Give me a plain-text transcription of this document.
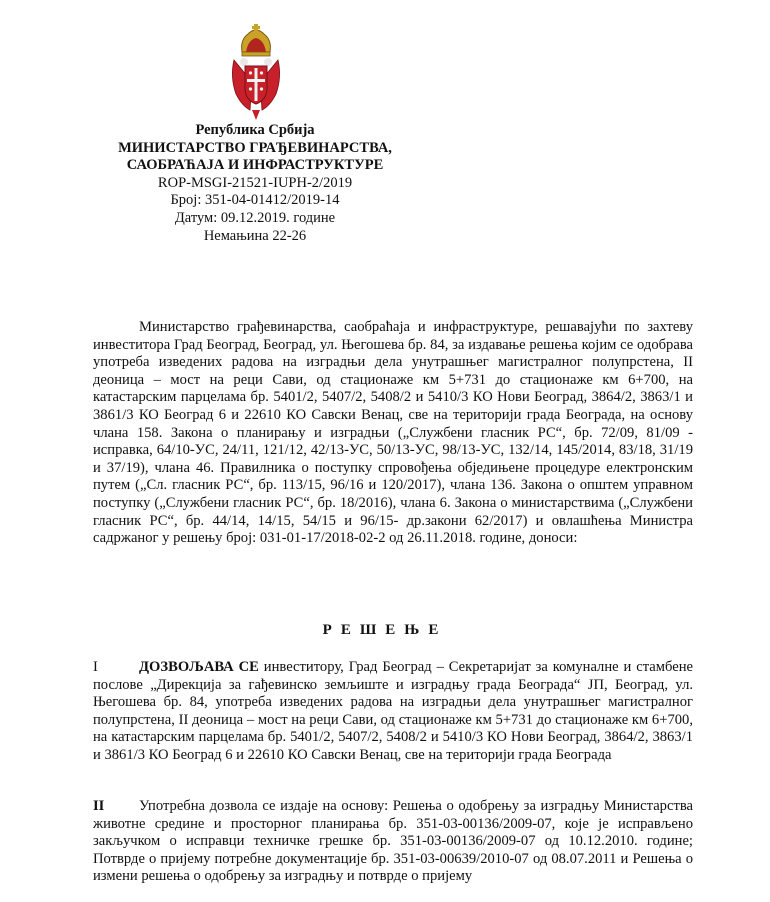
Република Србија
МИНИСТАРСТВО ГРАЂЕВИНАРСТВА,
САОБРАЋАЈА И ИНФРАСТРУКТУРЕ
ROP-MSGI-21521-IUPH-2/2019
Број: 351-04-01412/2019-14
Датум: 09.12.2019. године
Немањина 22-26
Министарство грађевинарства, саобраћаја и инфраструктуре, решавајући по захтеву инвеститора Град Београд, Београд, ул. Његошева бр. 84, за издавање решења којим се одобрава употреба изведених радова на изградњи дела унутрашњег магистралног полупрстена, II деоница – мост на реци Сави, од стационаже км 5+731 до стационаже км 6+700, на катастарским парцелама бр. 5401/2, 5407/2, 5408/2 и 5410/3 КО Нови Београд, 3864/2, 3863/1 и 3861/3 КО Београд 6 и 22610 КО Савски Венац, све на територији града Београда, на основу члана 158. Закона о планирању и изградњи („Службени гласник РС“, бр. 72/09, 81/09 - исправка, 64/10-УС, 24/11, 121/12, 42/13-УС, 50/13-УС, 98/13-УС, 132/14, 145/2014, 83/18, 31/19 и 37/19), члана 46. Правилника о поступку спровођења обједињене процедуре електронским путем („Сл. гласник РС“, бр. 113/15, 96/16 и 120/2017), члана 136. Закона о општем управном поступку („Службени гласник РС“, бр. 18/2016), члана 6. Закона о министарствима („Службени гласник РС“, бр. 44/14, 14/15, 54/15 и 96/15- др.закони 62/2017) и овлашћења Министра садржаног у решењу број: 031-01-17/2018-02-2 од 26.11.2018. године, доноси:
РЕШЕЊЕ
I	ДОЗВОЉАВА СЕ инвеститору, Град Београд – Секретаријат за комуналне и стамбене послове „Дирекција за гађевинско земљиште и изградњу града Београда“ ЈП, Београд, ул. Његошева бр. 84, употреба изведених радова на изградњи дела унутрашњег магистралног полупрстена, II деоница – мост на реци Сави, од стационаже км 5+731 до стационаже км 6+700, на катастарским парцелама бр. 5401/2, 5407/2, 5408/2 и 5410/3 КО Нови Београд, 3864/2, 3863/1 и 3861/3 КО Београд 6 и 22610 КО Савски Венац, све на територији града Београда
II Употребна дозвола се издаје на основу: Решења о одобрењу за изградњу Министарства животне средине и просторног планирања бр. 351-03-00136/2009-07, које је исправљено закључком о исправци техничке грешке бр. 351-03-00136/2009-07 од 10.12.2010. године; Потврде о пријему потребне документације бр. 351-03-00639/2010-07 од 08.07.2011 и Решења о измени решења о одобрењу за изградњу и потврде о пријему
